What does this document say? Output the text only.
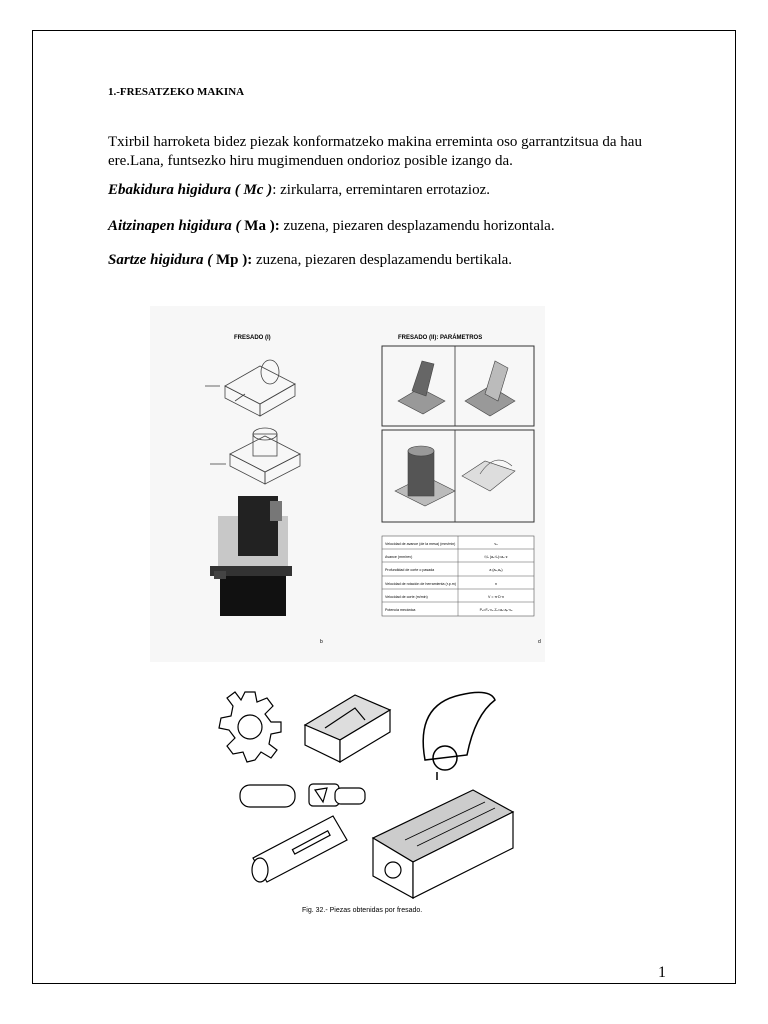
1.-FRESATZEKO MAKINA
Txirbil harroketa bidez piezak konformatzeko makina erreminta oso garrantzitsua da hau ere.Lana, funtsezko hiru mugimenduen ondorioz posible izango da.
Ebakidura higidura ( Mc ): zirkularra, erremintaren errotazioz.
Aitzinapen higidura ( Ma ): zuzena, piezaren desplazamendu horizontala.
Sartze higidura ( Mp ): zuzena, piezaren desplazamendu bertikala.
FRESADO (I)	FRESADO (II): PARÁMETROS
b
Velocidad de avance (de la mesa) (mm/min)	vₐ
Avance (mm/rev)	f,fₑ (aₐ·fₑ)=aₐ·z
Profundidad de corte o pasada	a (aₐ,aₚ)
Velocidad de rotación de herramienta (r.p.m)	n
Velocidad de corte (m/min)	V = π·D·n
Potencia mecánica	Pₐ=Fₐ·vₐ Zₒ=aₐ·aₚ·vₐ
d
Fig. 32.- Piezas obtenidas por fresado.
1
